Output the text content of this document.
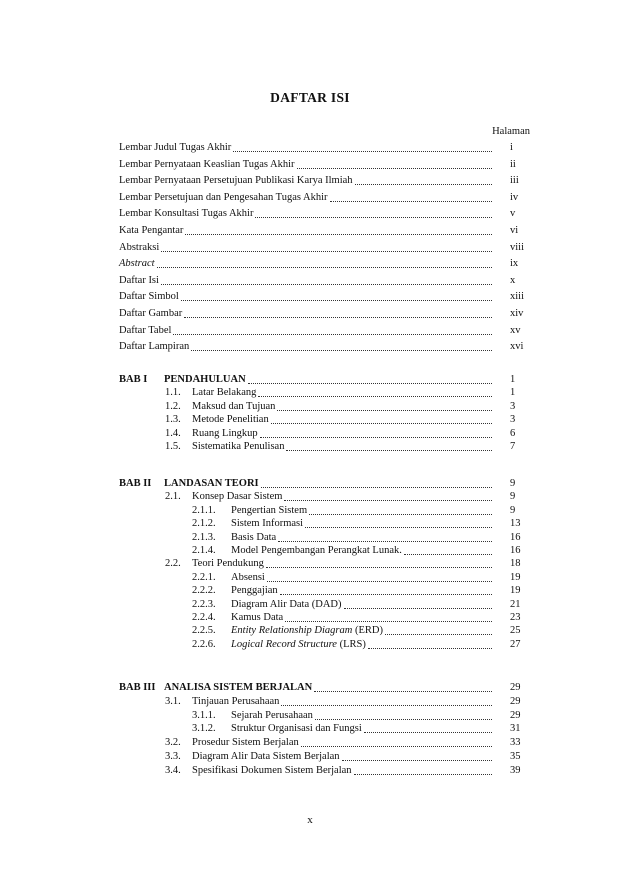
DAFTAR ISI
Halaman
Lembar Judul Tugas Akhir	i
Lembar Pernyataan Keaslian Tugas Akhir	ii
Lembar Pernyataan Persetujuan Publikasi Karya Ilmiah	iii
Lembar Persetujuan dan Pengesahan Tugas Akhir	iv
Lembar Konsultasi Tugas Akhir	v
Kata Pengantar	vi
Abstraksi	viii
Abstract	ix
Daftar Isi	x
Daftar Simbol	xiii
Daftar Gambar	xiv
Daftar Tabel	xv
Daftar Lampiran	xvi
BAB I PENDAHULUAN	1
1.1. Latar Belakang	1
1.2. Maksud dan Tujuan	3
1.3. Metode Penelitian	3
1.4. Ruang Lingkup	6
1.5. Sistematika Penulisan	7
BAB II LANDASAN TEORI	9
2.1. Konsep Dasar Sistem	9
2.1.1. Pengertian Sistem	9
2.1.2. Sistem Informasi	13
2.1.3. Basis Data	16
2.1.4. Model Pengembangan Perangkat Lunak.	16
2.2. Teori Pendukung	18
2.2.1. Absensi	19
2.2.2. Penggajian	19
2.2.3. Diagram Alir Data (DAD)	21
2.2.4. Kamus Data	23
2.2.5. Entity Relationship Diagram (ERD)	25
2.2.6. Logical Record Structure (LRS)	27
BAB III ANALISA SISTEM BERJALAN	29
3.1. Tinjauan Perusahaan	29
3.1.1. Sejarah Perusahaan	29
3.1.2. Struktur Organisasi dan Fungsi	31
3.2. Prosedur Sistem Berjalan	33
3.3. Diagram Alir Data Sistem Berjalan	35
3.4. Spesifikasi Dokumen Sistem Berjalan	39
x
